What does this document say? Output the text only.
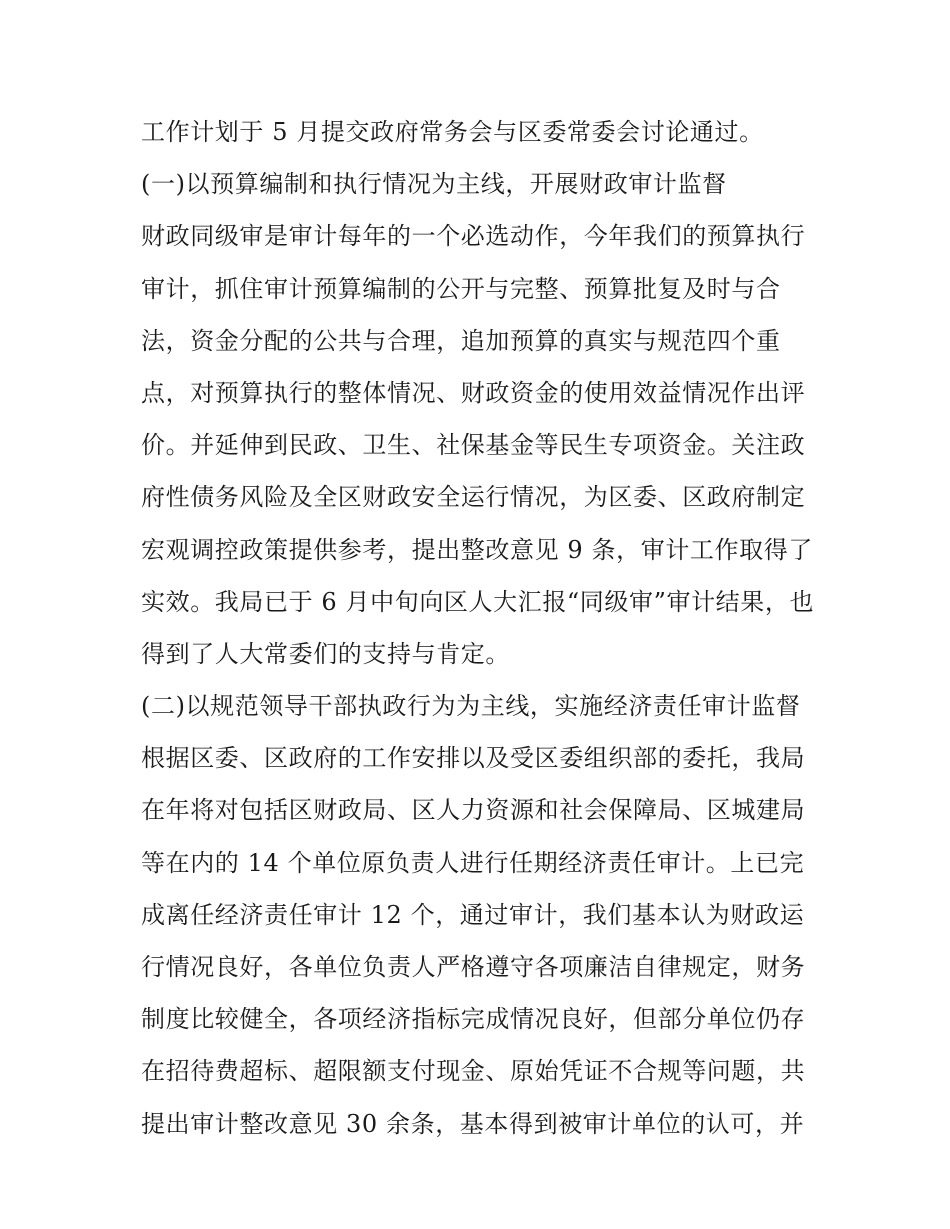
工作计划于 5 月提交政府常务会与区委常委会讨论通过。
(一)以预算编制和执行情况为主线，开展财政审计监督
财政同级审是审计每年的一个必选动作，今年我们的预算执行
审计，抓住审计预算编制的公开与完整、预算批复及时与合
法，资金分配的公共与合理，追加预算的真实与规范四个重
点，对预算执行的整体情况、财政资金的使用效益情况作出评
价。并延伸到民政、卫生、社保基金等民生专项资金。关注政
府性债务风险及全区财政安全运行情况，为区委、区政府制定
宏观调控政策提供参考，提出整改意见 9 条，审计工作取得了
实效。我局已于 6 月中旬向区人大汇报“同级审”审计结果，也
得到了人大常委们的支持与肯定。
(二)以规范领导干部执政行为为主线，实施经济责任审计监督
根据区委、区政府的工作安排以及受区委组织部的委托，我局
在年将对包括区财政局、区人力资源和社会保障局、区城建局
等在内的 14 个单位原负责人进行任期经济责任审计。上已完
成离任经济责任审计 12 个，通过审计，我们基本认为财政运
行情况良好，各单位负责人严格遵守各项廉洁自律规定，财务
制度比较健全，各项经济指标完成情况良好，但部分单位仍存
在招待费超标、超限额支付现金、原始凭证不合规等问题，共
提出审计整改意见 30 余条，基本得到被审计单位的认可，并
